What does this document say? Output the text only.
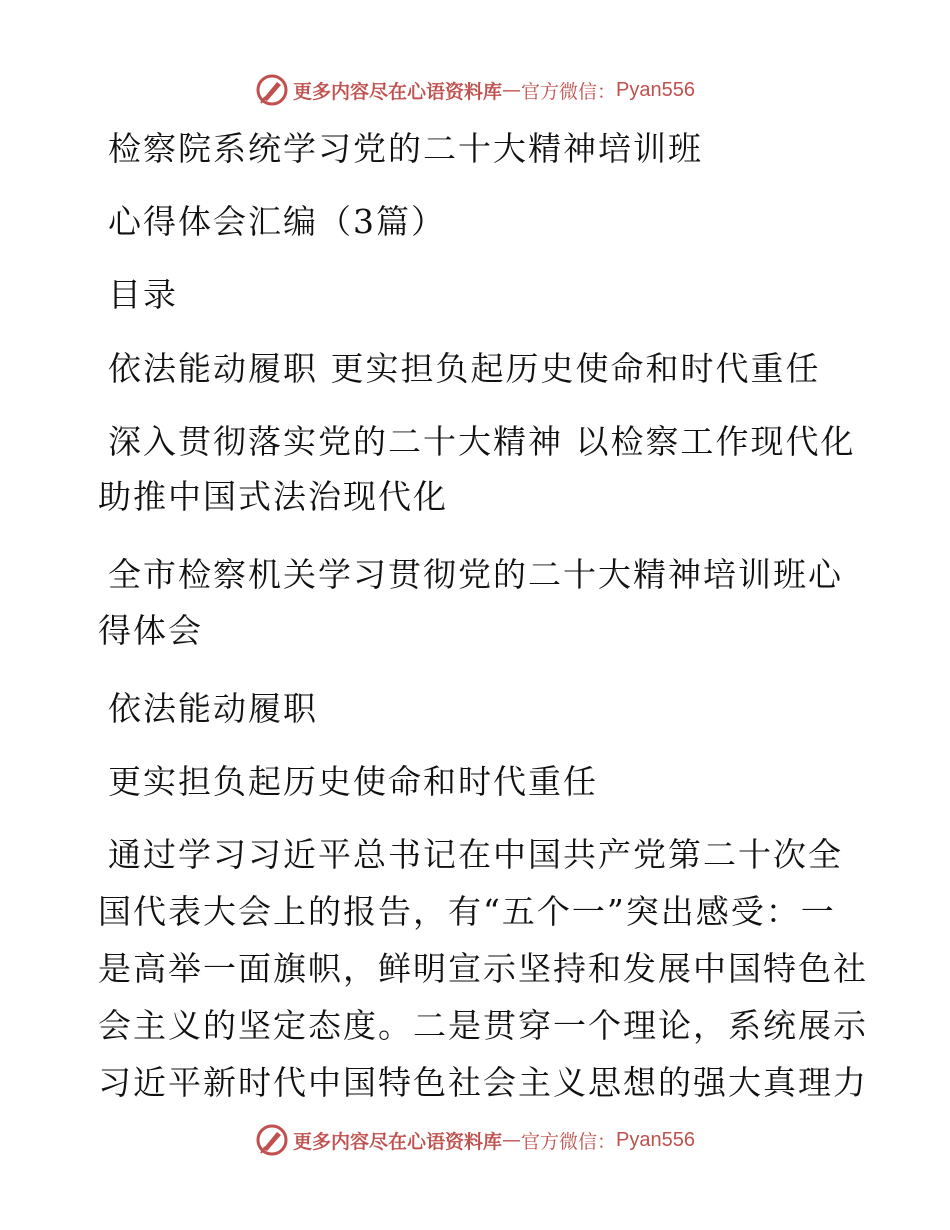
更多内容尽在心语资料库 — 官方微信： Pyan556
检察院系统学习党的二十大精神培训班
心得体会汇编（3篇）
目录
依法能动履职 更实担负起历史使命和时代重任
深入贯彻落实党的二十大精神 以检察工作现代化
助推中国式法治现代化
全市检察机关学习贯彻党的二十大精神培训班心
得体会
依法能动履职
更实担负起历史使命和时代重任
通过学习习近平总书记在中国共产党第二十次全
国代表大会上的报告，有“五个一”突出感受：一
是高举一面旗帜，鲜明宣示坚持和发展中国特色社
会主义的坚定态度。二是贯穿一个理论，系统展示
习近平新时代中国特色社会主义思想的强大真理力
更多内容尽在心语资料库 — 官方微信： Pyan556
